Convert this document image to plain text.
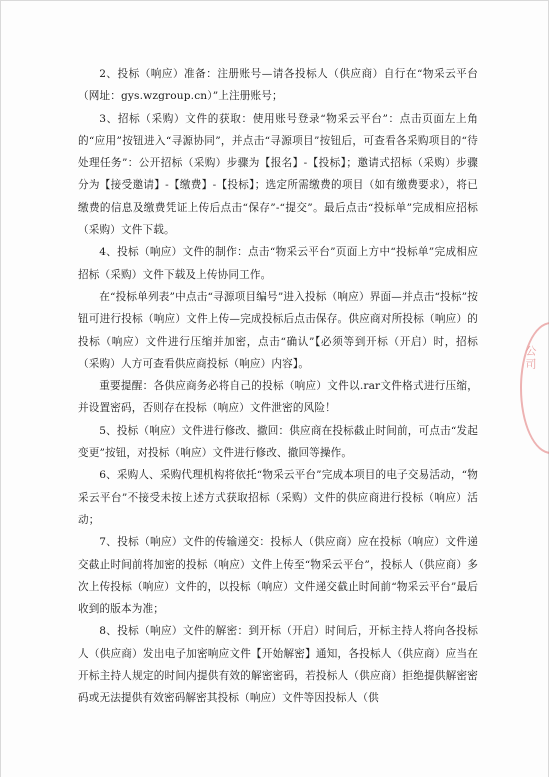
2、投标（响应）准备：注册账号—请各投标人（供应商）自行在“物采云平台（网址：gys.wzgroup.cn）”上注册账号；

3、招标（采购）文件的获取：使用账号登录“物采云平台”：点击页面左上角的“应用”按钮进入“寻源协同”，并点击“寻源项目”按钮后，可查看各采购项目的“待处理任务”：公开招标（采购）步骤为【报名】-【投标】；邀请式招标（采购）步骤分为【接受邀请】-【缴费】-【投标】；选定所需缴费的项目（如有缴费要求），将已缴费的信息及缴费凭证上传后点击“保存”-“提交”。最后点击“投标单”完成相应招标（采购）文件下载。

4、投标（响应）文件的制作：点击“物采云平台”页面上方中“投标单”完成相应招标（采购）文件下载及上传协同工作。

在“投标单列表”中点击“寻源项目编号”进入投标（响应）界面—并点击“投标”按钮可进行投标（响应）文件上传—完成投标后点击保存。供应商对所投标（响应）的投标（响应）文件进行压缩并加密，点击“确认”【必须等到开标（开启）时，招标（采购）人方可查看供应商投标（响应）内容】。

重要提醒：各供应商务必将自己的投标（响应）文件以.rar文件格式进行压缩，并设置密码，否则存在投标（响应）文件泄密的风险！

5、投标（响应）文件进行修改、撤回：供应商在投标截止时间前，可点击“发起变更”按钮，对投标（响应）文件进行修改、撤回等操作。

6、采购人、采购代理机构将依托“物采云平台”完成本项目的电子交易活动，“物采云平台”不接受未按上述方式获取招标（采购）文件的供应商进行投标（响应）活动；

7、投标（响应）文件的传输递交：投标人（供应商）应在投标（响应）文件递交截止时间前将加密的投标（响应）文件上传至“物采云平台”，投标人（供应商）多次上传投标（响应）文件的，以投标（响应）文件递交截止时间前“物采云平台”最后收到的版本为准；

8、投标（响应）文件的解密：到开标（开启）时间后，开标主持人将向各投标人（供应商）发出电子加密响应文件【开始解密】通知，各投标人（供应商）应当在开标主持人规定的时间内提供有效的解密密码，若投标人（供应商）拒绝提供解密密码或无法提供有效密码解密其投标（响应）文件等因投标人（供

公司
